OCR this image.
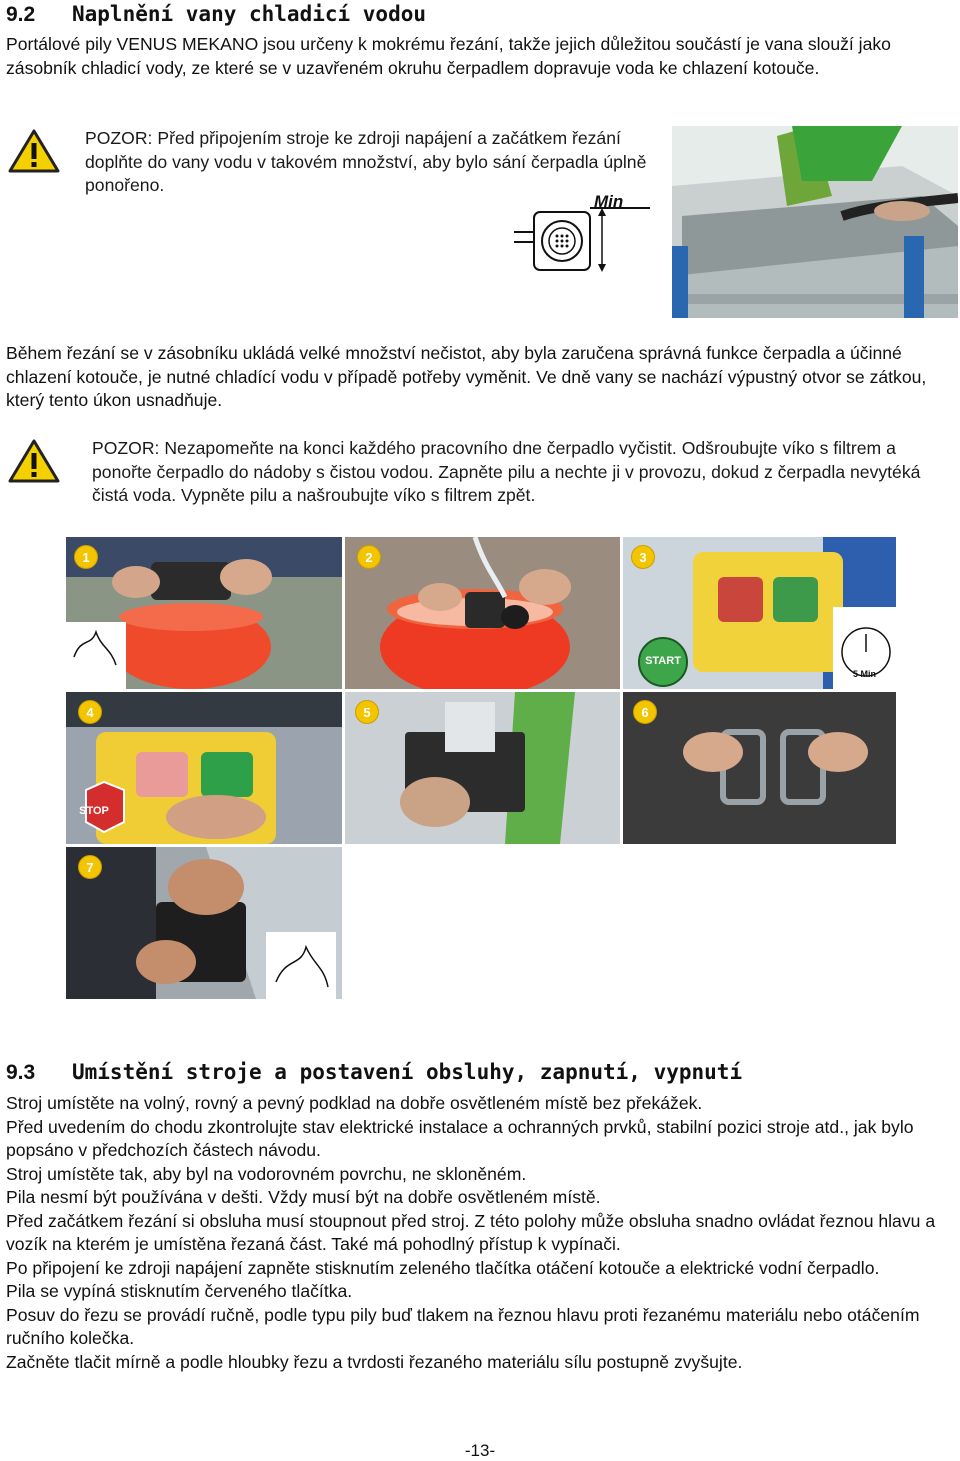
9.2 Naplnění vany chladicí vodou
Portálové pily VENUS MEKANO jsou určeny k mokrému řezání, takže jejich důležitou součástí je vana slouží jako zásobník chladicí vody, ze které se v uzavřeném okruhu čerpadlem dopravuje voda ke chlazení kotouče.
POZOR: Před připojením stroje ke zdroji napájení a začátkem řezání doplňte do vany vodu v takovém množství, aby bylo sání čerpadla úplně ponořeno.
Min
Během řezání se v zásobníku ukládá velké množství nečistot, aby byla zaručena správná funkce čerpadla a účinné chlazení kotouče, je nutné chladící vodu v případě potřeby vyměnit. Ve dně vany se nachází výpustný otvor se zátkou, který tento úkon usnadňuje.
POZOR: Nezapomeňte na konci každého pracovního dne čerpadlo vyčistit. Odšroubujte víko s filtrem a ponořte čerpadlo do nádoby s čistou vodou. Zapněte pilu a nechte ji v provozu, dokud z čerpadla nevytéká čistá voda. Vypněte pilu a našroubujte víko s filtrem zpět.
1	2	3
START
5 Min
4
STOP
5	6
7
9.3 Umístění stroje a postavení obsluhy, zapnutí, vypnutí
Stroj umístěte na volný, rovný a pevný podklad na dobře osvětleném místě bez překážek.
Před uvedením do chodu zkontrolujte stav elektrické instalace a ochranných prvků, stabilní pozici stroje atd., jak bylo popsáno v předchozích částech návodu.
Stroj umístěte tak, aby byl na vodorovném povrchu, ne skloněném.
Pila nesmí být používána v dešti. Vždy musí být na dobře osvětleném místě.
Před začátkem řezání si obsluha musí stoupnout před stroj. Z této polohy může obsluha snadno ovládat řeznou hlavu a vozík na kterém je umístěna řezaná část. Také má pohodlný přístup k vypínači.
Po připojení ke zdroji napájení zapněte stisknutím zeleného tlačítka otáčení kotouče a elektrické vodní čerpadlo.
Pila se vypíná stisknutím červeného tlačítka.
Posuv do řezu se provádí ručně, podle typu pily buď tlakem na řeznou hlavu proti řezanému materiálu nebo otáčením ručního kolečka.
Začněte tlačit mírně a podle hloubky řezu a tvrdosti řezaného materiálu sílu postupně zvyšujte.
-13-
